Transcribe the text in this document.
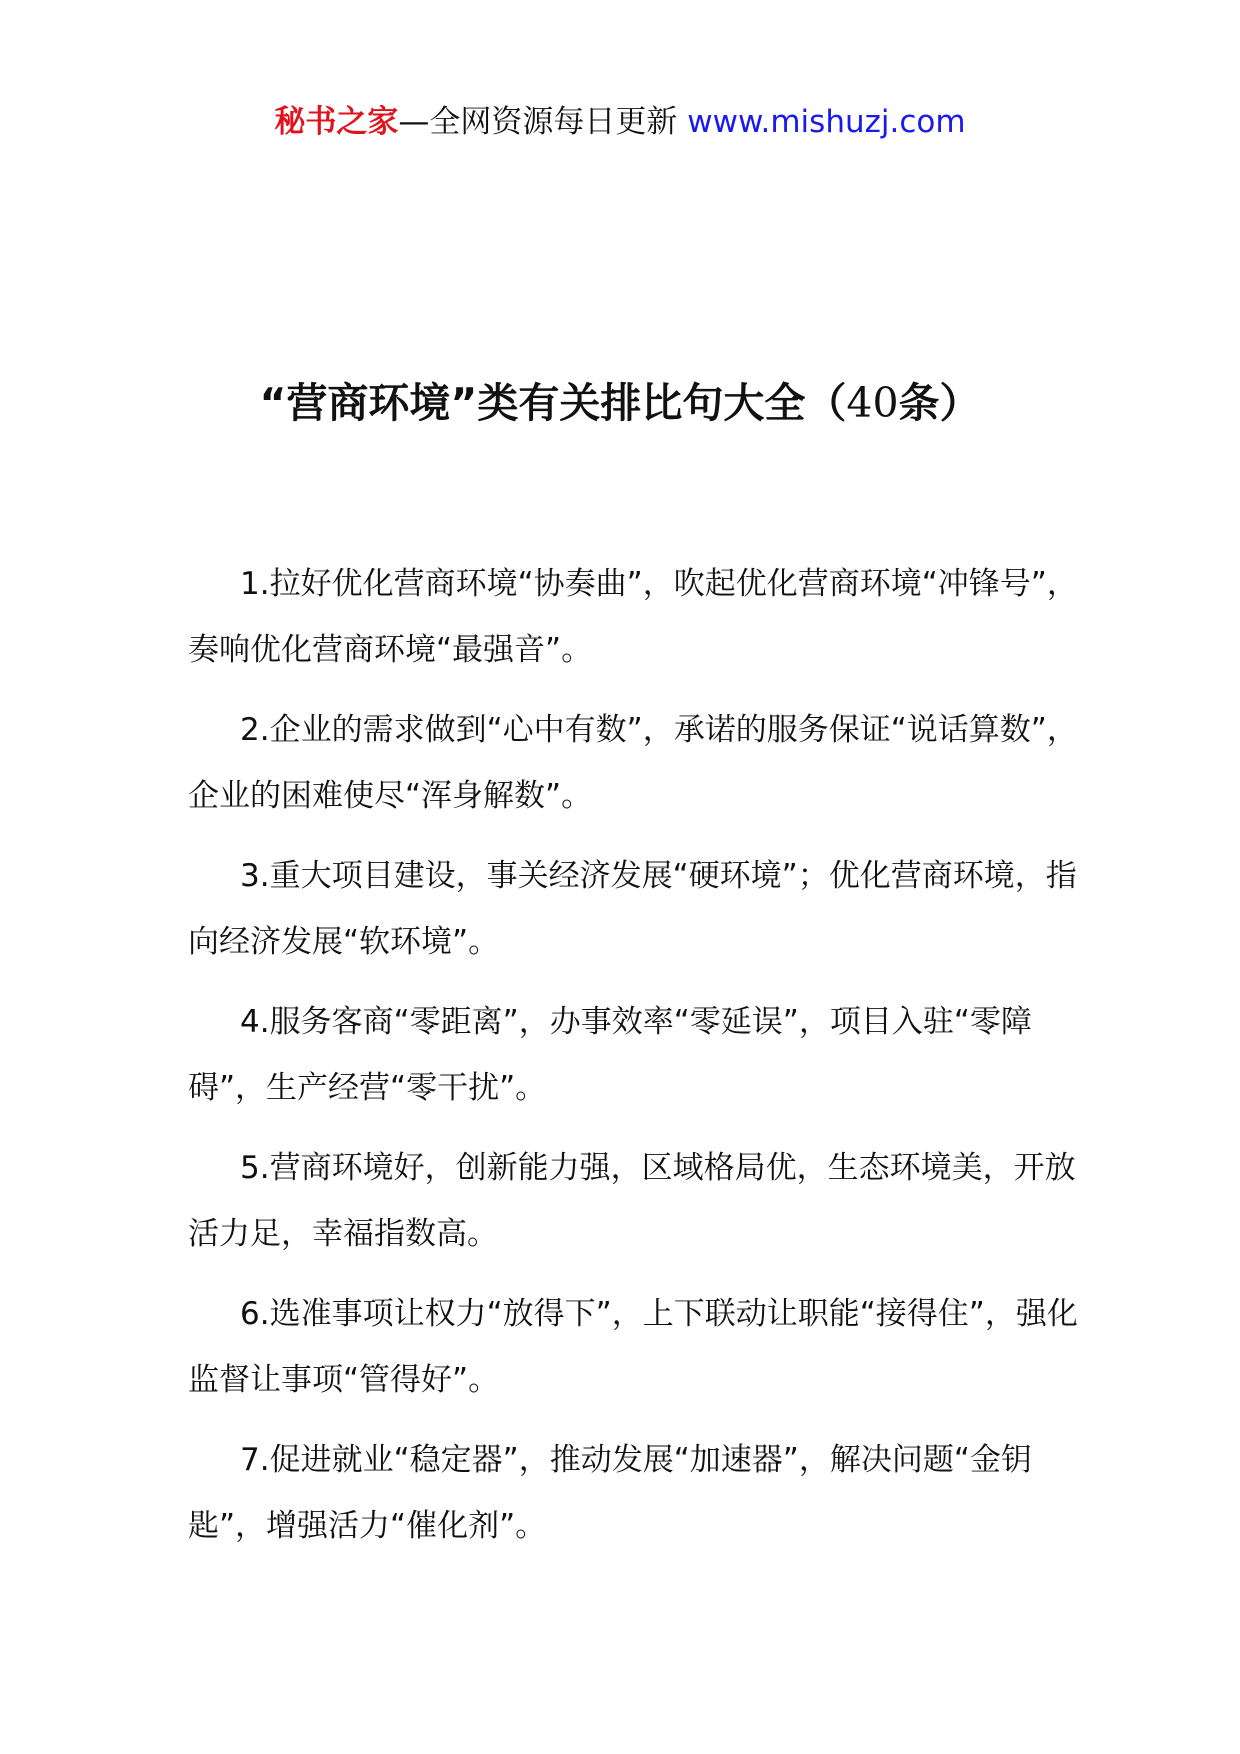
秘书之家—全网资源每日更新 www.mishuzj.com
“营商环境”类有关排比句大全（40条）

1.拉好优化营商环境“协奏曲”，吹起优化营商环境“冲锋号”，奏响优化营商环境“最强音”。

2.企业的需求做到“心中有数”，承诺的服务保证“说话算数”，企业的困难使尽“浑身解数”。

3.重大项目建设，事关经济发展“硬环境”；优化营商环境，指向经济发展“软环境”。

4.服务客商“零距离”，办事效率“零延误”，项目入驻“零障碍”，生产经营“零干扰”。

5.营商环境好，创新能力强，区域格局优，生态环境美，开放活力足，幸福指数高。

6.选准事项让权力“放得下”，上下联动让职能“接得住”，强化监督让事项“管得好”。

7.促进就业“稳定器”，推动发展“加速器”，解决问题“金钥匙”，增强活力“催化剂”。
